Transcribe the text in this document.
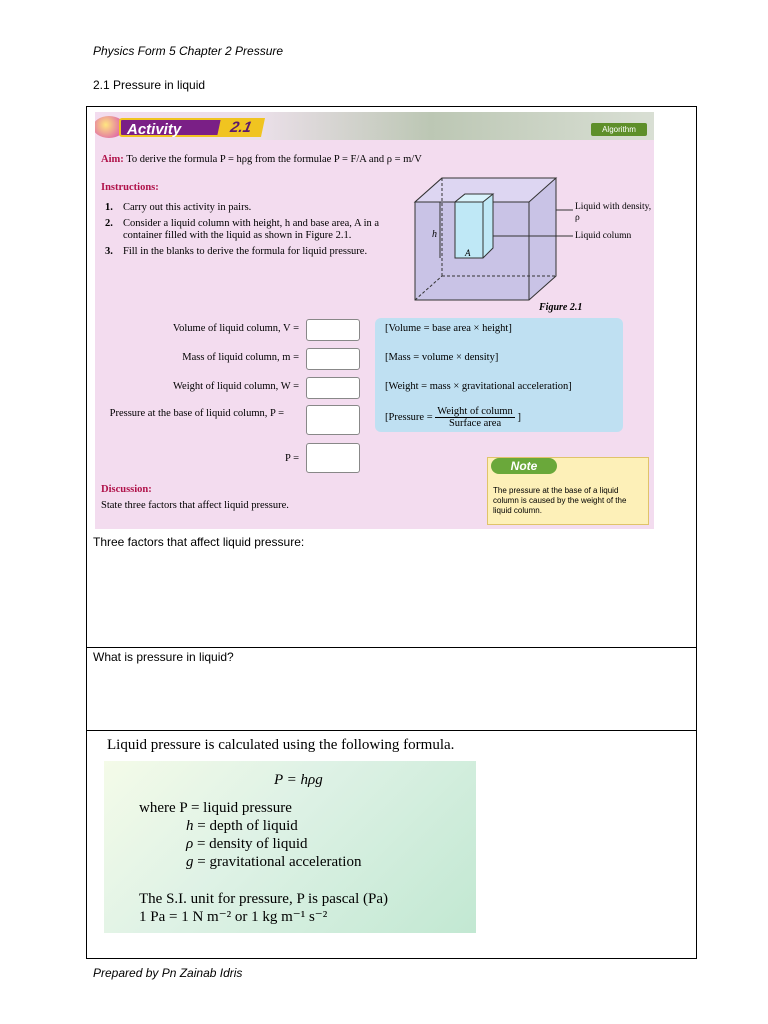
Physics Form 5 Chapter 2 Pressure
2.1 Pressure in liquid
Activity	2.1	Algorithm
Aim: To derive the formula P = hρg from the formulae P = F/A and ρ = m/V
Instructions:
1. Carry out this activity in pairs.
2. Consider a liquid column with height, h and base area, A in a container filled with the liquid as shown in Figure 2.1.
3. Fill in the blanks to derive the formula for liquid pressure.
h
A
Liquid with density, ρ
Liquid column
Figure 2.1
Volume of liquid column, V =	[Volume = base area × height]
Mass of liquid column, m =	[Mass = volume × density]
Weight of liquid column, W =	[Weight = mass × gravitational acceleration]
Pressure at the base of liquid column, P =	[Pressure =
Weight of column
Surface area
]
P =
Discussion:
State three factors that affect liquid pressure.
Note
The pressure at the base of a liquid column is caused by the weight of the liquid column.
Three factors that affect liquid pressure:
What is pressure in liquid?
Liquid pressure is calculated using the following formula.
P = hρg
where P = liquid pressure
h = depth of liquid
ρ = density of liquid
g = gravitational acceleration
The S.I. unit for pressure, P is pascal (Pa)
1 Pa = 1 N m⁻² or 1 kg m⁻¹ s⁻²
Prepared by Pn Zainab Idris
